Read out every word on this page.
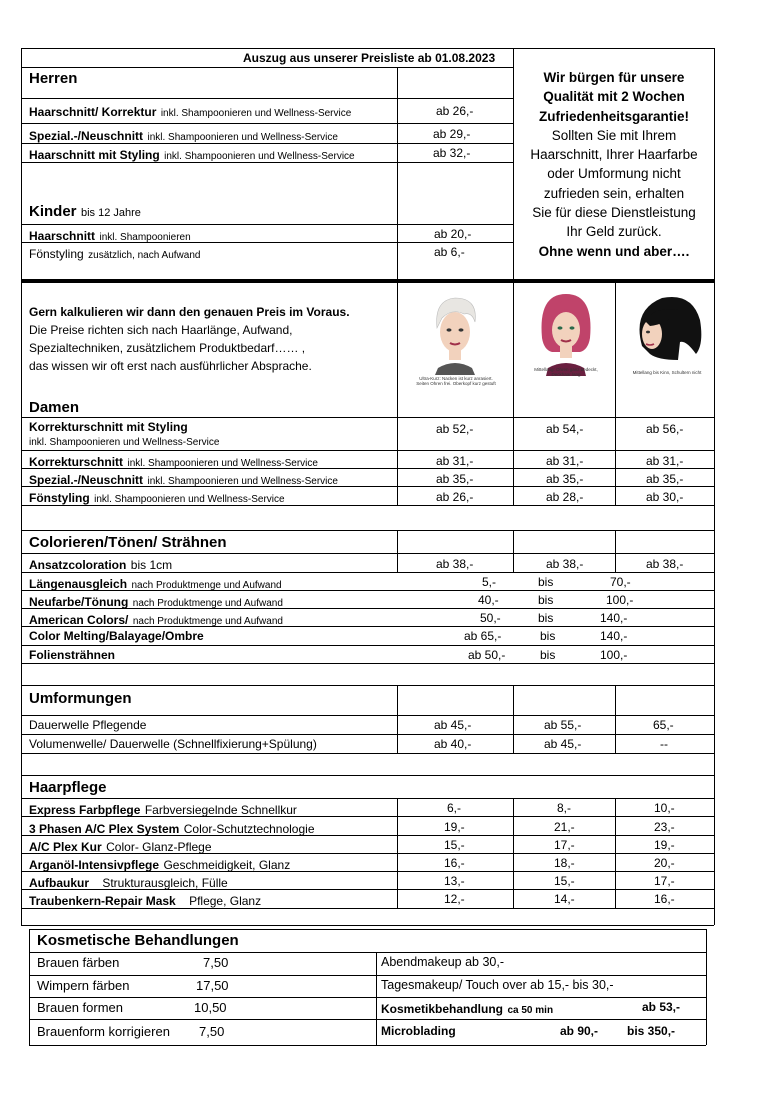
Auszug aus unserer Preisliste ab 01.08.2023
Wir bürgen für unsere
Qualität mit 2 Wochen
Zufriedenheitsgarantie!
Sollten Sie mit Ihrem
Haarschnitt, Ihrer Haarfarbe
oder Umformung nicht
zufrieden sein, erhalten
Sie für diese Dienstleistung
Ihr Geld zurück.
Ohne wenn und aber….
Herren
Haarschnitt/ Korrektur inkl. Shampoonieren und Wellness-Service	ab 26,-
Spezial.-/Neuschnitt inkl. Shampoonieren und Wellness-Service	ab 29,-
Haarschnitt mit Styling inkl. Shampoonieren und Wellness-Service	ab 32,-
Kinder bis 12 Jahre
Haarschnitt inkl. Shampoonieren	ab 20,-
Fönstyling zusätzlich, nach Aufwand	ab 6,-
Gern kalkulieren wir dann den genauen Preis im Voraus.
Die Preise richten sich nach Haarlänge, Aufwand,
Spezialtechniken, zusätzlichem Produktbedarf…… ,
das wissen wir oft erst nach ausführlicher Absprache.
Ultra-Kurz: Nacken ist kurz anrasiert. Seiten Ohren frei. Oberkopf kurz gestuft
Mittellang: Ohren ganz bedeckt, Deckhaar lang	Mittellang bis Kinn, Schultern nicht
Damen
Korrekturschnitt mit Styling
inkl. Shampoonieren und Wellness-Service
ab 52,-	ab 54,-	ab 56,-
Korrekturschnitt inkl. Shampoonieren und Wellness-Service	ab 31,-	ab 31,-	ab 31,-
Spezial.-/Neuschnitt inkl. Shampoonieren und Wellness-Service	ab 35,-	ab 35,-	ab 35,-
Fönstyling inkl. Shampoonieren und Wellness-Service	ab 26,-	ab 28,-	ab 30,-
Colorieren/Tönen/ Strähnen
Ansatzcoloration bis 1cm	ab 38,-	ab 38,-	ab 38,-
Längenausgleich nach Produktmenge und Aufwand	5,-	bis	70,-
Neufarbe/Tönung nach Produktmenge und Aufwand	40,-	bis	100,-
American Colors/ nach Produktmenge und Aufwand	50,-	bis	140,-
Color Melting/Balayage/Ombre	ab 65,-	bis	140,-
Foliensträhnen	ab 50,-	bis	100,-
Umformungen
Dauerwelle Pflegende	ab 45,-	ab 55,-	65,-
Volumenwelle/ Dauerwelle (Schnellfixierung+Spülung)	ab 40,-	ab 45,-	--
Haarpflege
Express Farbpflege Farbversiegelnde Schnellkur	6,-	8,-	10,-
3 Phasen A/C Plex System Color-Schutztechnologie	19,-	21,-	23,-
A/C Plex Kur Color- Glanz-Pflege	15,-	17,-	19,-
Arganöl-Intensivpflege Geschmeidigkeit, Glanz	16,-	18,-	20,-
Aufbaukur Strukturausgleich, Fülle	13,-	15,-	17,-
Traubenkern-Repair Mask Pflege, Glanz	12,-	14,-	16,-
Kosmetische Behandlungen
Brauen färben	7,50
Wimpern färben	17,50
Brauen formen	10,50
Brauenform korrigieren 7,50
Abendmakeup ab 30,-
Tagesmakeup/ Touch over ab 15,- bis 30,-
Kosmetikbehandlung ca 50 min	ab 53,-
Microblading	ab 90,- bis 350,-
